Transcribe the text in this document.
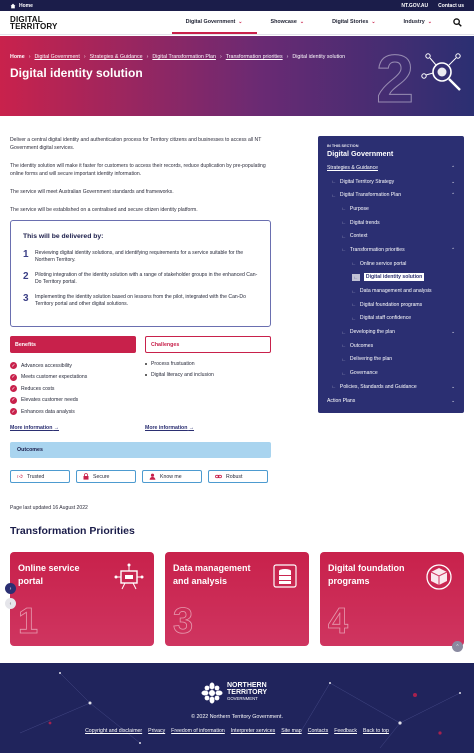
Home	NT.GOV.AU Contact us
DIGITAL
TERRITORY	Digital Government ⌄	Showcase ⌄	Digital Stories ⌄	Industry ⌄
Home › Digital Government › Strategies & Guidance › Digital Transformation Plan › Transformation priorities › Digital identity solution
Digital identity solution	2

Deliver a central digital identity and authentication process for Territory citizens and businesses to access all NT Government digital services.

The identity solution will make it faster for customers to access their records, reduce duplication by pre-populating online forms and will secure important identity information.

The service will meet Australian Government standards and frameworks.

The service will be established on a centralised and secure citizen identity platform.

This will be delivered by:
1 Reviewing digital identity solutions, and identifying requirements for a service suitable for the Northern Territory.
2 Piloting integration of the identity solution with a range of stakeholder groups in the enhanced Can-Do Territory portal.
3 Implementing the identity solution based on lessons from the pilot, integrated with the Can-Do Territory portal and other digital solutions.
Benefits	Challenges
✓ Advances accessibility
✓ Meets customer expectations
✓ Reduces costs
✓ Elevates customer needs
✓ Enhances data analysis
Process frustuation
Digital literacy and inclusion
More information →	More information →
Outcomes
👍︎ Trusted	Secure	Know me	Robust
Page last updated 16 August 2022
IN THIS SECTION
Digital Government
Strategies & Guidance	⌃
∟ Digital Territory Strategy	⌄
∟ Digital Transformation Plan	⌃
∟ Purpose
∟ Digital trends
∟ Context
∟ Transformation priorities	⌃
∟ Online service portal
∟	Digital identity solution
∟ Data management and analysis
∟ Digital foundation programs
∟ Digital staff confidence
∟ Developing the plan	⌄
∟ Outcomes
∟ Delivering the plan
∟ Governance
∟ Policies, Standards and Guidance	⌄
Action Plans	⌄
Transformation Priorities
Online service portal
1
Data management and analysis
3
Digital foundation programs
4
›
‹
⌃
NORTHERN
TERRITORY
GOVERNMENT
© 2022 Northern Territory Government.
Copyright and disclaimer Privacy Freedom of information Interpreter services Site map Contacts Feedback Back to top
